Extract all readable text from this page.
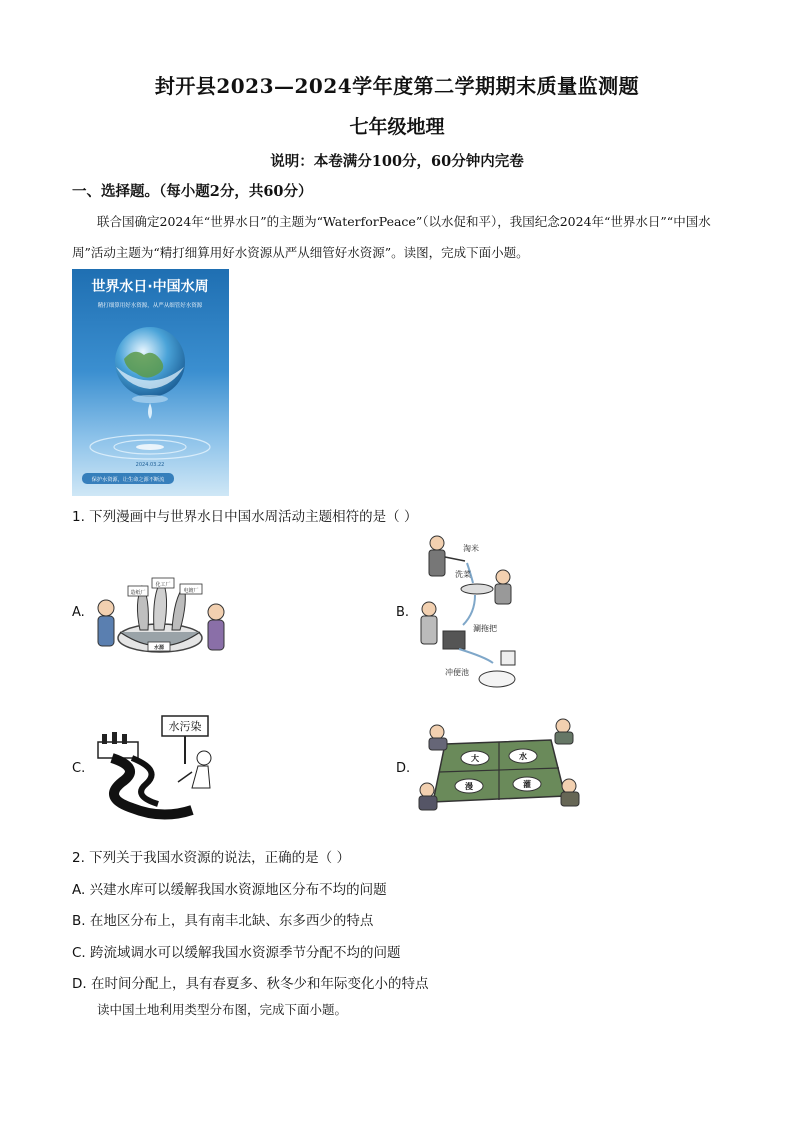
封开县2023—2024学年度第二学期期末质量监测题
七年级地理
说明：本卷满分100分，60分钟内完卷
一、选择题。（每小题2分，共60分）
联合国确定2024年“世界水日”的主题为“WaterforPeace”（以水促和平），我国纪念2024年“世界水日”“中国水周”活动主题为“精打细算用好水资源从严从细管好水资源”。读图，完成下面小题。
世界水日·中国水周
精打细算用好水资源，从严从细管好水资源
2024.03.22
保护水资源，让生命之源不断流
1. 下列漫画中与世界水日中国水周活动主题相符的是（ ）
A.
造纸厂
化工厂
电镀厂
水源
B.
淘米
洗菜
涮拖把
冲便池
C.
水污染
D.
大	水
漫	灌
2. 下列关于我国水资源的说法，正确的是（ ）
A. 兴建水库可以缓解我国水资源地区分布不均的问题
B. 在地区分布上，具有南丰北缺、东多西少的特点
C. 跨流域调水可以缓解我国水资源季节分配不均的问题
D. 在时间分配上，具有春夏多、秋冬少和年际变化小的特点
读中国土地利用类型分布图，完成下面小题。
